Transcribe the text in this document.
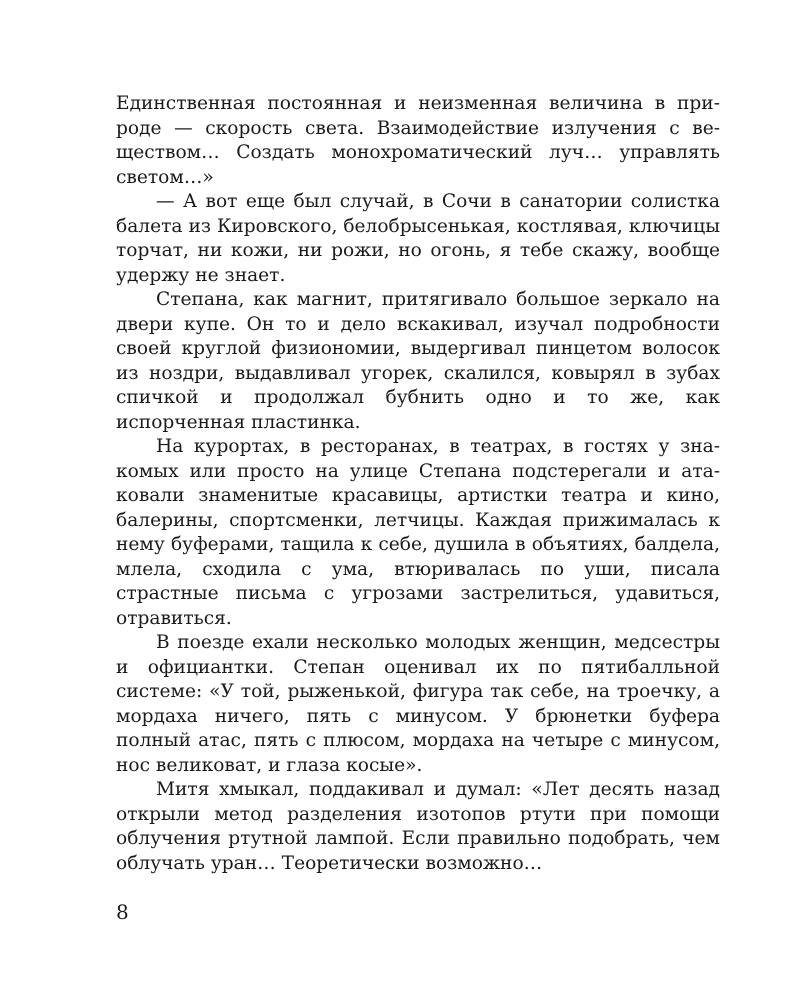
Единственная постоянная и неизменная величина в природе — скорость света. Взаимодействие излучения с веществом… Создать монохроматический луч… управлять светом…»

— А вот еще был случай, в Сочи в санатории солистка балета из Кировского, белобрысенькая, костлявая, ключицы торчат, ни кожи, ни рожи, но огонь, я тебе скажу, вообще удержу не знает.

Степана, как магнит, притягивало большое зеркало на двери купе. Он то и дело вскакивал, изучал подробности своей круглой физиономии, выдергивал пинцетом волосок из ноздри, выдавливал угорек, скалился, ковырял в зубах спичкой и продолжал бубнить одно и то же, как испорченная пластинка.

На курортах, в ресторанах, в театрах, в гостях у знакомых или просто на улице Степана подстерегали и атаковали знаменитые красавицы, артистки театра и кино, балерины, спортсменки, летчицы. Каждая прижималась к нему буферами, тащила к себе, душила в объятиях, балдела, млела, сходила с ума, втюривалась по уши, писала страстные письма с угрозами застрелиться, удавиться, отравиться.

В поезде ехали несколько молодых женщин, медсестры и официантки. Степан оценивал их по пятибалльной системе: «У той, рыженькой, фигура так себе, на троечку, а мордаха ничего, пять с минусом. У брюнетки буфера полный атас, пять с плюсом, мордаха на четыре с минусом, нос великоват, и глаза косые».

Митя хмыкал, поддакивал и думал: «Лет десять назад открыли метод разделения изотопов ртути при помощи облучения ртутной лампой. Если правильно подобрать, чем облучать уран… Теоретически возможно…

8
